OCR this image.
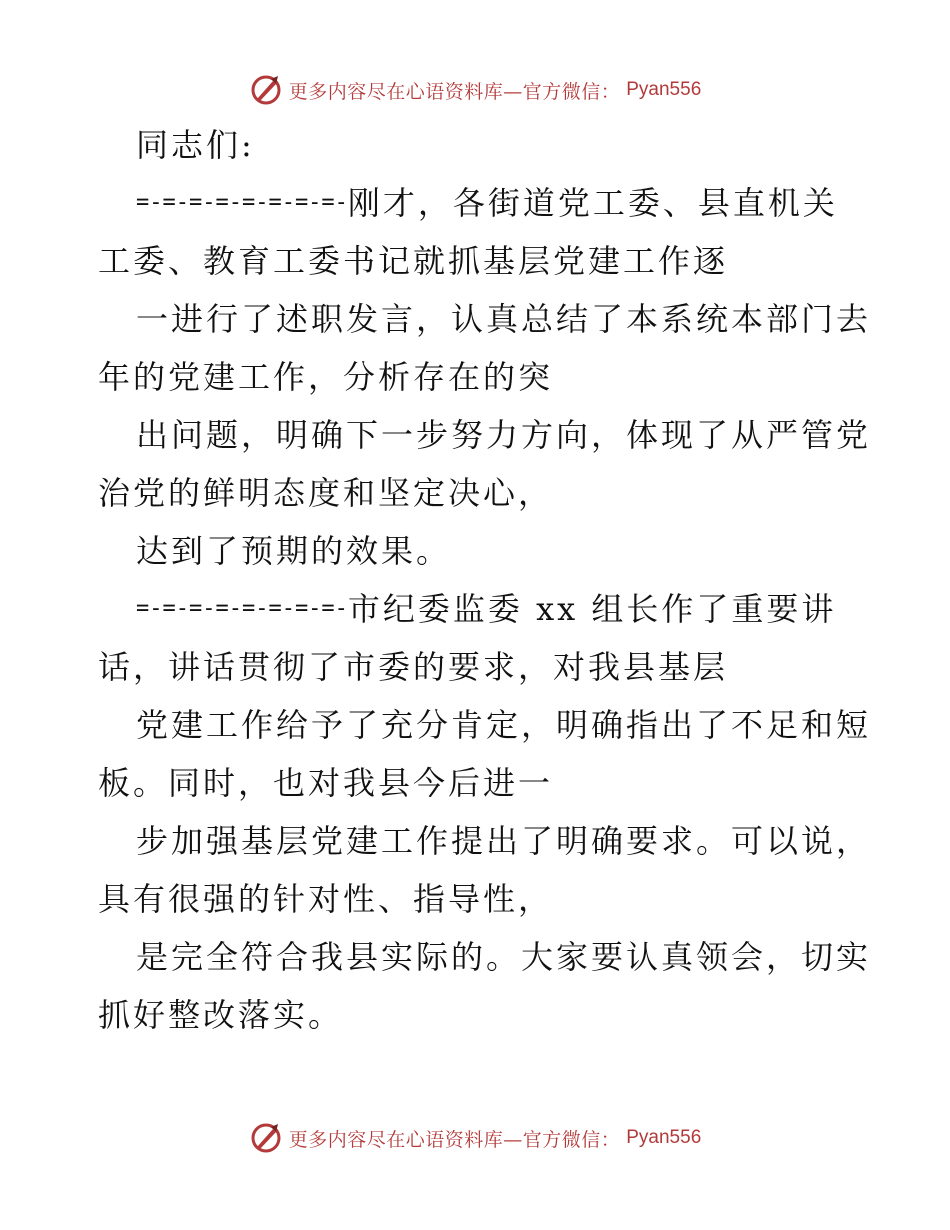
更多内容尽在心语资料库—官方微信： Pyan556
同志们:
=-=-=-=-=-=-=-=-刚才，各街道党工委、县直机关
工委、教育工委书记就抓基层党建工作逐
一进行了述职发言，认真总结了本系统本部门去
年的党建工作，分析存在的突
出问题，明确下一步努力方向，体现了从严管党
治党的鲜明态度和坚定决心，
达到了预期的效果。
=-=-=-=-=-=-=-=-市纪委监委 xx 组长作了重要讲
话，讲话贯彻了市委的要求，对我县基层
党建工作给予了充分肯定，明确指出了不足和短
板。同时，也对我县今后进一
步加强基层党建工作提出了明确要求。可以说，
具有很强的针对性、指导性，
是完全符合我县实际的。大家要认真领会，切实
抓好整改落实。
更多内容尽在心语资料库—官方微信： Pyan556
